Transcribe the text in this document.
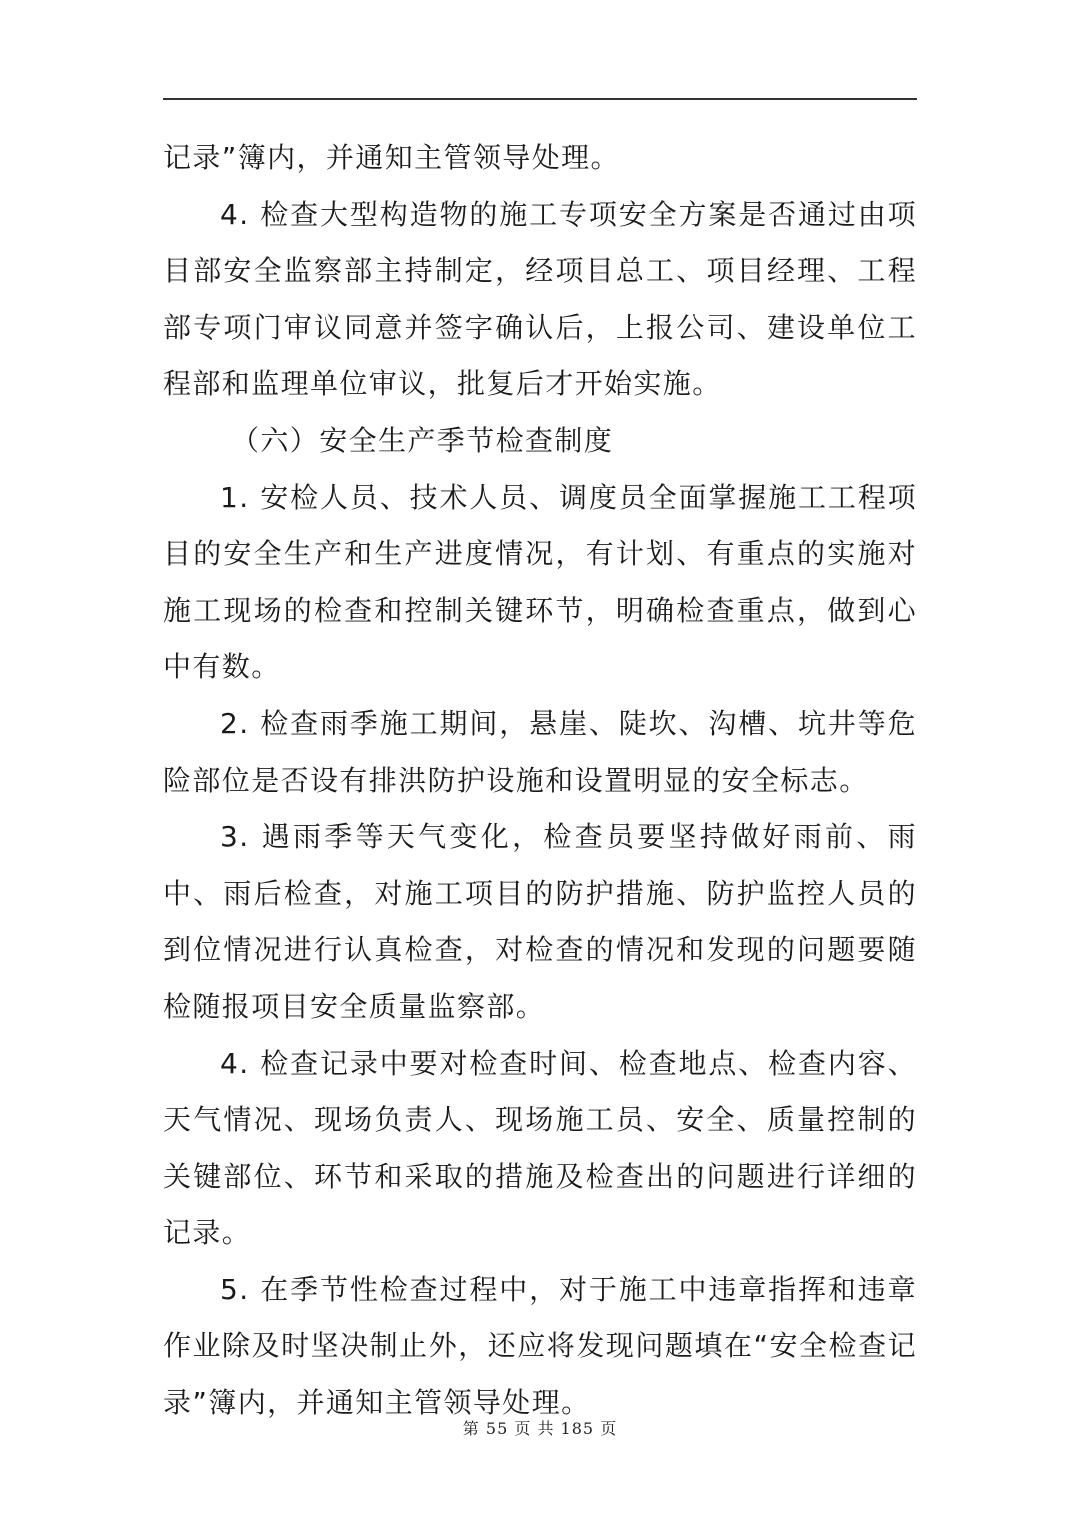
记录”簿内，并通知主管领导处理。

4. 检查大型构造物的施工专项安全方案是否通过由项目部安全监察部主持制定，经项目总工、项目经理、工程部专项门审议同意并签字确认后，上报公司、建设单位工程部和监理单位审议，批复后才开始实施。

（六）安全生产季节检查制度

1. 安检人员、技术人员、调度员全面掌握施工工程项目的安全生产和生产进度情况，有计划、有重点的实施对施工现场的检查和控制关键环节，明确检查重点，做到心中有数。

2. 检查雨季施工期间，悬崖、陡坎、沟槽、坑井等危险部位是否设有排洪防护设施和设置明显的安全标志。

3. 遇雨季等天气变化，检查员要坚持做好雨前、雨中、雨后检查，对施工项目的防护措施、防护监控人员的到位情况进行认真检查，对检查的情况和发现的问题要随检随报项目安全质量监察部。

4. 检查记录中要对检查时间、检查地点、检查内容、天气情况、现场负责人、现场施工员、安全、质量控制的关键部位、环节和采取的措施及检查出的问题进行详细的记录。

5. 在季节性检查过程中，对于施工中违章指挥和违章作业除及时坚决制止外，还应将发现问题填在“安全检查记录”簿内，并通知主管领导处理。

第 55 页 共 185 页
